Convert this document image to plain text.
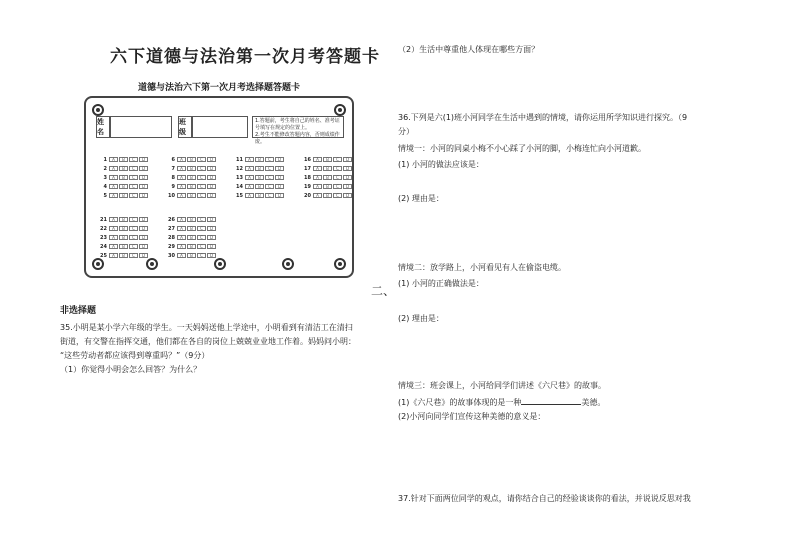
六下道德与法治第一次月考答题卡
道德与法治六下第一次月考选择题答题卡
姓名
班级
1.答题前，考生将自己的姓名、准考证号填写在规定的位置上。
2.考生不能修改答题内容，否则成绩作废。
1	A	B	C	D
2	A	B	C	D
3	A	B	C	D
4	A	B	C	D
5	A	B	C	D
6	A	B	C	D
7	A	B	C	D
8	A	B	C	D
9	A	B	C	D
10	A	B	C	D
11	A	B	C	D
12	A	B	C	D
13	A	B	C	D
14	A	B	C	D
15	A	B	C	D
16	A	B	C	D
17	A	B	C	D
18	A	B	C	D
19	A	B	C	D
20	A	B	C	D
21	A	B	C	D
22	A	B	C	D
23	A	B	C	D
24	A	B	C	D
25	A	B	C	D
26	A	B	C	D
27	A	B	C	D
28	A	B	C	D
29	A	B	C	D
30	A	B	C	D
二、
非选择题
35.小明是某小学六年级的学生。一天妈妈送他上学途中，小明看到有清洁工在清扫
街道，有交警在指挥交通，他们都在各自的岗位上兢兢业业地工作着。妈妈问小明：
“这些劳动者都应该得到尊重吗？”（9分）
（1）你觉得小明会怎么回答？为什么？
（2）生活中尊重他人体现在哪些方面？
36.下列是六(1)班小河同学在生活中遇到的情境，请你运用所学知识进行探究。（9
分）
情境一：小河的同桌小梅不小心踩了小河的脚，小梅连忙向小河道歉。
(1) 小河的做法应该是：
(2) 理由是：
情境二：放学路上，小河看见有人在偷盗电缆。
(1) 小河的正确做法是：
(2) 理由是：
情境三：班会课上，小河给同学们讲述《六尺巷》的故事。
(1)《六尺巷》的故事体现的是一种	美德。
(2)小河向同学们宣传这种美德的意义是：
37.针对下面两位同学的观点，请你结合自己的经验谈谈你的看法，并说说反思对我
